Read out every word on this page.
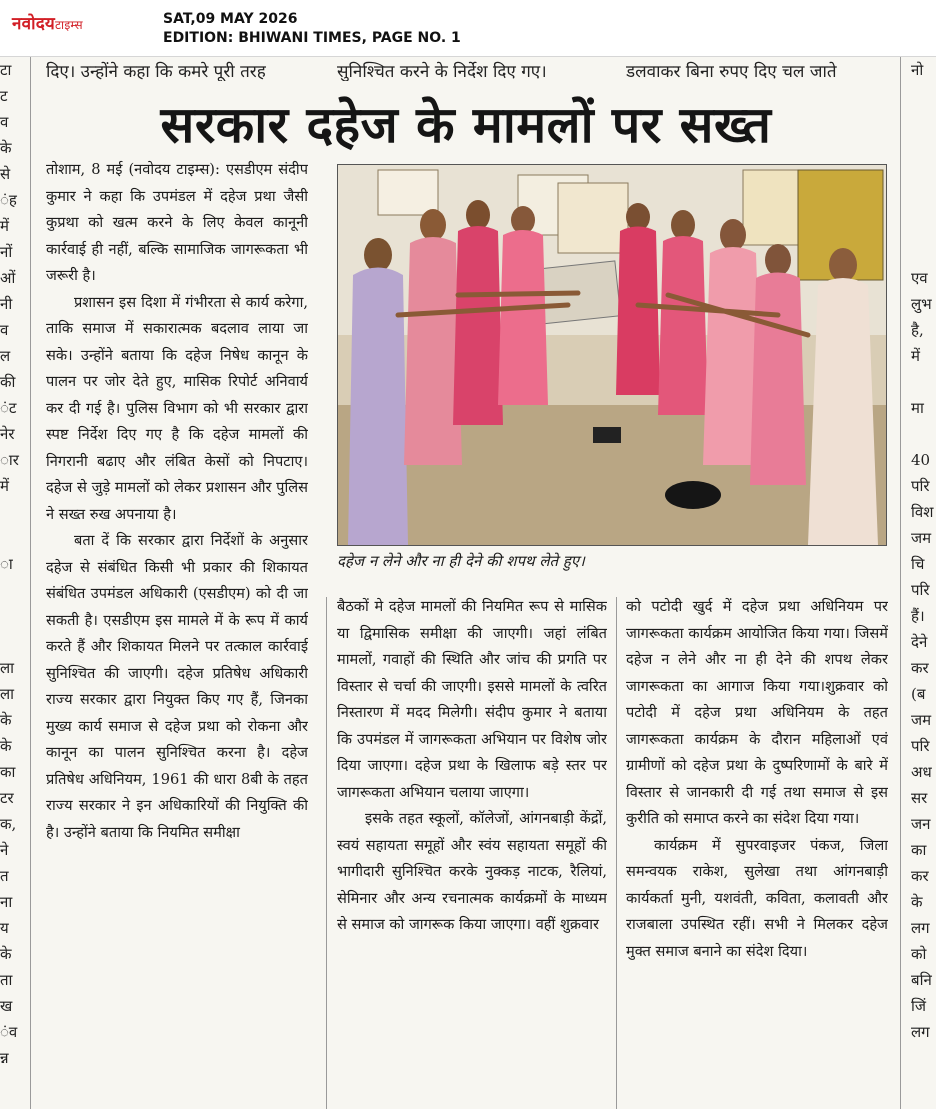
नवोदयटाइम्स	SAT,09 MAY 2026
EDITION: BHIWANI TIMES, PAGE NO. 1
दिए। उन्होंने कहा कि कमरे पूरी तरह	सुनिश्चित करने के निर्देश दिए गए।	डलवाकर बिना रुपए दिए चल जाते
टा
ट
व
के
से
ंह
में
नों
ओं
नी
व
ल
की
ंट
नेर
ार
में

ा

ला
ला
के
के
का
टर
क,
ने
त
ना
य
के
ता
ख
ंव
न्न
नो

एव
लुभ
है,
में

मा

40
परि
विश
जम
चि
परि
हैं।
देने
कर
(ब
जम
परि
अध
सर
जन
का
कर
के
लग
को
बनि
जिं
लग
सरकार दहेज के मामलों पर सख्त

तोशाम, 8 मई (नवोदय टाइम्स): एसडीएम संदीप कुमार ने कहा कि उपमंडल में दहेज प्रथा जैसी कुप्रथा को खत्म करने के लिए केवल कानूनी कार्रवाई ही नहीं, बल्कि सामाजिक जागरूकता भी जरूरी है।

प्रशासन इस दिशा में गंभीरता से कार्य करेगा, ताकि समाज में सकारात्मक बदलाव लाया जा सके। उन्होंने बताया कि दहेज निषेध कानून के पालन पर जोर देते हुए, मासिक रिपोर्ट अनिवार्य कर दी गई है। पुलिस विभाग को भी सरकार द्वारा स्पष्ट निर्देश दिए गए है कि दहेज मामलों की निगरानी बढाए और लंबित केसों को निपटाए। दहेज से जुड़े मामलों को लेकर प्रशासन और पुलिस ने सख्त रुख अपनाया है।

बता दें कि सरकार द्वारा निर्देशों के अनुसार दहेज से संबंधित किसी भी प्रकार की शिकायत संबंधित उपमंडल अधिकारी (एसडीएम) को दी जा सकती है। एसडीएम इस मामले में के रूप में कार्य करते हैं और शिकायत मिलने पर तत्काल कार्रवाई सुनिश्चित की जाएगी। दहेज प्रतिषेध अधिकारी राज्य सरकार द्वारा नियुक्त किए गए हैं, जिनका मुख्य कार्य समाज से दहेज प्रथा को रोकना और कानून का पालन सुनिश्चित करना है। दहेज प्रतिषेध अधिनियम, 1961 की धारा 8बी के तहत राज्य सरकार ने इन अधिकारियों की नियुक्ति की है। उन्होंने बताया कि नियमित समीक्षा

दहेज न लेने और ना ही देने की शपथ लेते हुए।

बैठकों मे दहेज मामलों की नियमित रूप से मासिक या द्विमासिक समीक्षा की जाएगी। जहां लंबित मामलों, गवाहों की स्थिति और जांच की प्रगति पर विस्तार से चर्चा की जाएगी। इससे मामलों के त्वरित निस्तारण में मदद मिलेगी। संदीप कुमार ने बताया कि उपमंडल में जागरूकता अभियान पर विशेष जोर दिया जाएगा। दहेज प्रथा के खिलाफ बड़े स्तर पर जागरूकता अभियान चलाया जाएगा।

इसके तहत स्कूलों, कॉलेजों, आंगनबाड़ी केंद्रों, स्वयं सहायता समूहों और स्वंय सहायता समूहों की भागीदारी सुनिश्चित करके नुक्कड़ नाटक, रैलियां, सेमिनार और अन्य रचनात्मक कार्यक्रमों के माध्यम से समाज को जागरूक किया जाएगा। वहीं शुक्रवार

को पटोदी खुर्द में दहेज प्रथा अधिनियम पर जागरूकता कार्यक्रम आयोजित किया गया। जिसमें दहेज न लेने और ना ही देने की शपथ लेकर जागरूकता का आगाज किया गया।शुक्रवार को पटोदी में दहेज प्रथा अधिनियम के तहत जागरूकता कार्यक्रम के दौरान महिलाओं एवं ग्रामीणों को दहेज प्रथा के दुष्परिणामों के बारे में विस्तार से जानकारी दी गई तथा समाज से इस कुरीति को समाप्त करने का संदेश दिया गया।

कार्यक्रम में सुपरवाइजर पंकज, जिला समन्वयक राकेश, सुलेखा तथा आंगनबाड़ी कार्यकर्ता मुनी, यशवंती, कविता, कलावती और राजबाला उपस्थित रहीं। सभी ने मिलकर दहेज मुक्त समाज बनाने का संदेश दिया।
